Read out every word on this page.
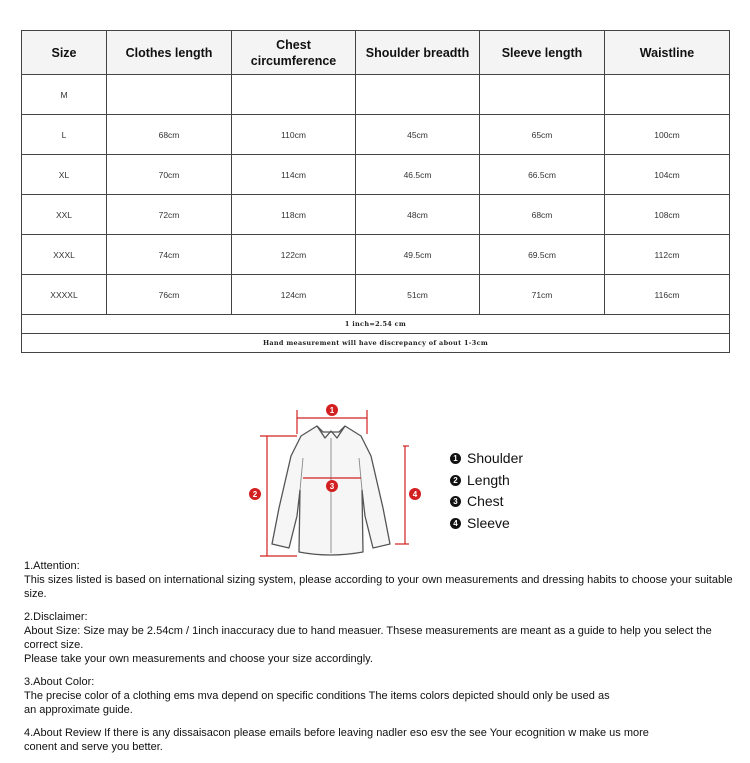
Size	Clothes length	Chest circumference	Shoulder breadth	Sleeve length	Waistline
M					
L	68cm	110cm	45cm	65cm	100cm
XL	70cm	114cm	46.5cm	66.5cm	104cm
XXL	72cm	118cm	48cm	68cm	108cm
XXXL	74cm	122cm	49.5cm	69.5cm	112cm
XXXXL	76cm	124cm	51cm	71cm	116cm
1 inch=2.54 cm					
Hand measurement will have discrepancy of about 1-3cm					
1
2
3
4
1 Shoulder
2 Length
3 Chest
4 Sleeve

1.Attention:

This sizes listed is based on international sizing system, please according to your own measurements and dressing habits to choose your suitable size.

2.Disclaimer:

About Size: Size may be 2.54cm / 1inch inaccuracy due to hand measuer. Thsese measurements are meant as a guide to help you select the correct size.

Please take your own measurements and choose your size accordingly.

3.About Color:

The precise color of a clothing ems mva depend on specific conditions The items colors depicted should only be used as

an approximate guide.

4.About Review If there is any dissaisacon please emails before leaving nadler eso esv the see Your ecognition w make us more

conent and serve you better.
